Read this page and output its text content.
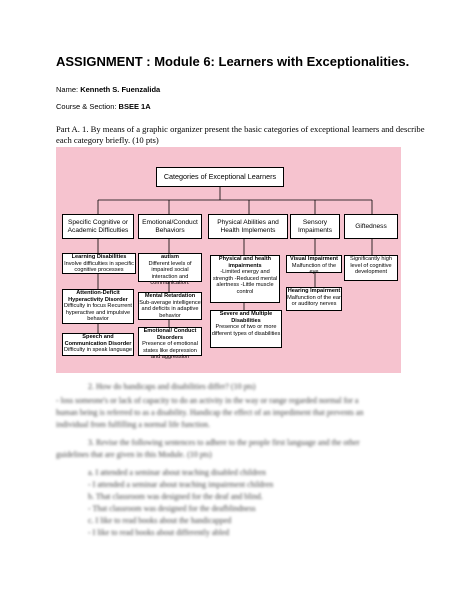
ASSIGNMENT : Module 6: Learners with Exceptionalities.
Name: Kenneth S. Fuenzalida
Course & Section: BSEE 1A
Part A. 1. By means of a graphic organizer present the basic categories of exceptional learners and describe each category briefly. (10 pts)
Categories of Exceptional Learners
Specific Cognitive or Academic Difficulties
Emotional/Conduct Behaviors
Physical Abilities and Health Implements
Sensory Impaiments
Giftedness
Learning Disabilities
Involve difficulties in specific cognitive processes
Attention-Deficit Hyperactivity Disorder
Difficulty in focus Recurrent hyperactive and impulsive behavior
Speech and Communication Disorder
Difficulty in speak language
autism
Different levels of impaired social interaction and communication.
Mental Retardation
Sub-average intelligence and deficits in adaptive behavior
Emotional/ Conduct Disorders
Presence of emotional states like depression and aggression
Physical and health impairments
-Limited energy and strength -Reduced mental alertness -Little muscle control
Severe and Multiple Disabilities
Presence of two or more different types of disabilities
Visual Impairment
Malfunction of the eye
Hearing Impairment
Malfunction of the ear or auditory nerves
Significantly high level of cognitive development
2. How do handicaps and disabilities differ? (10 pts)
- loss someone's or lack of capacity to do an activity in the way or range regarded normal for a
human being is referred to as a disability. Handicap the effect of an impediment that prevents an
individual from fulfilling a normal life function.
3. Revise the following sentences to adhere to the people first language and the other
guidelines that are given in this Module. (10 pts)
a. I attended a seminar about teaching disabled children
- I attended a seminar about teaching impairment children
b. That classroom was designed for the deaf and blind.
- That classroom was designed for the deafblindness
c. I like to read books about the handicapped
- I like to read books about differently abled
